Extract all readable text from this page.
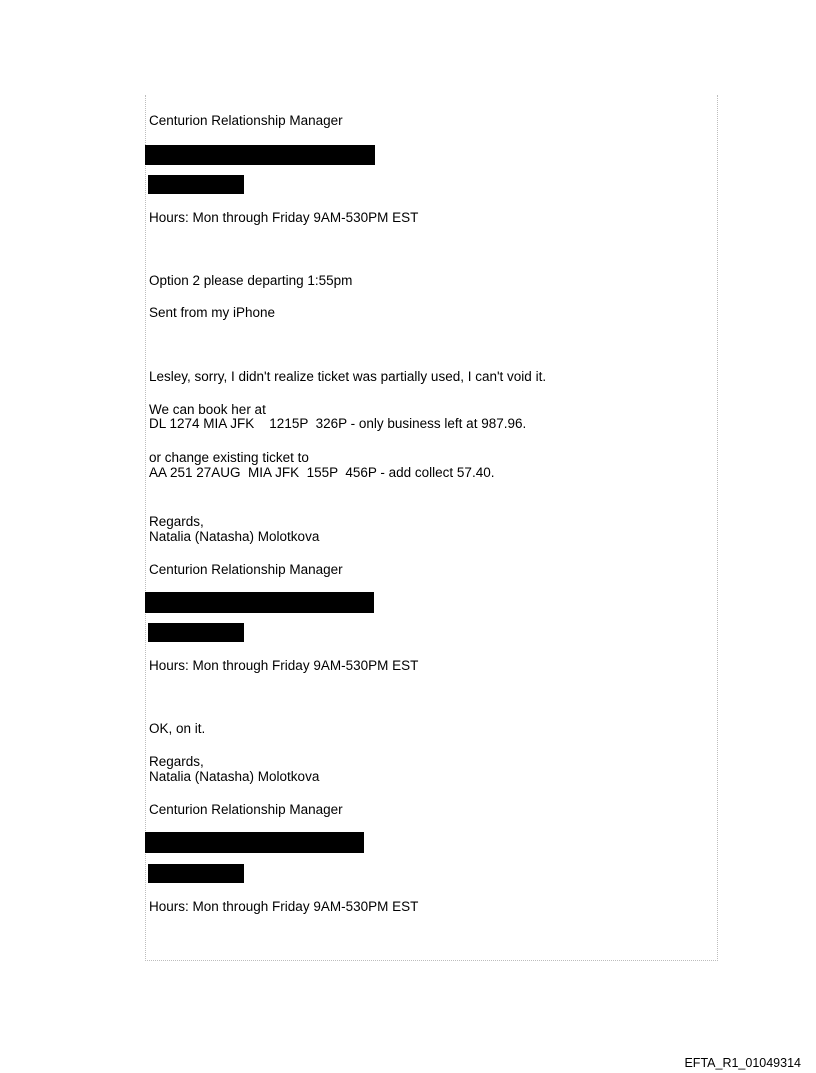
Centurion Relationship Manager

Hours: Mon through Friday 9AM-530PM EST

Option 2 please departing 1:55pm

Sent from my iPhone

Lesley, sorry, I didn't realize ticket was partially used, I can't void it.

We can book her at

DL 1274 MIA JFK    1215P  326P - only business left at 987.96.

or change existing ticket to

AA 251 27AUG  MIA JFK  155P  456P - add collect 57.40.

Regards,

Natalia (Natasha) Molotkova

Centurion Relationship Manager

Hours: Mon through Friday 9AM-530PM EST

OK, on it.

Regards,

Natalia (Natasha) Molotkova

Centurion Relationship Manager

Hours: Mon through Friday 9AM-530PM EST

EFTA_R1_01049314
